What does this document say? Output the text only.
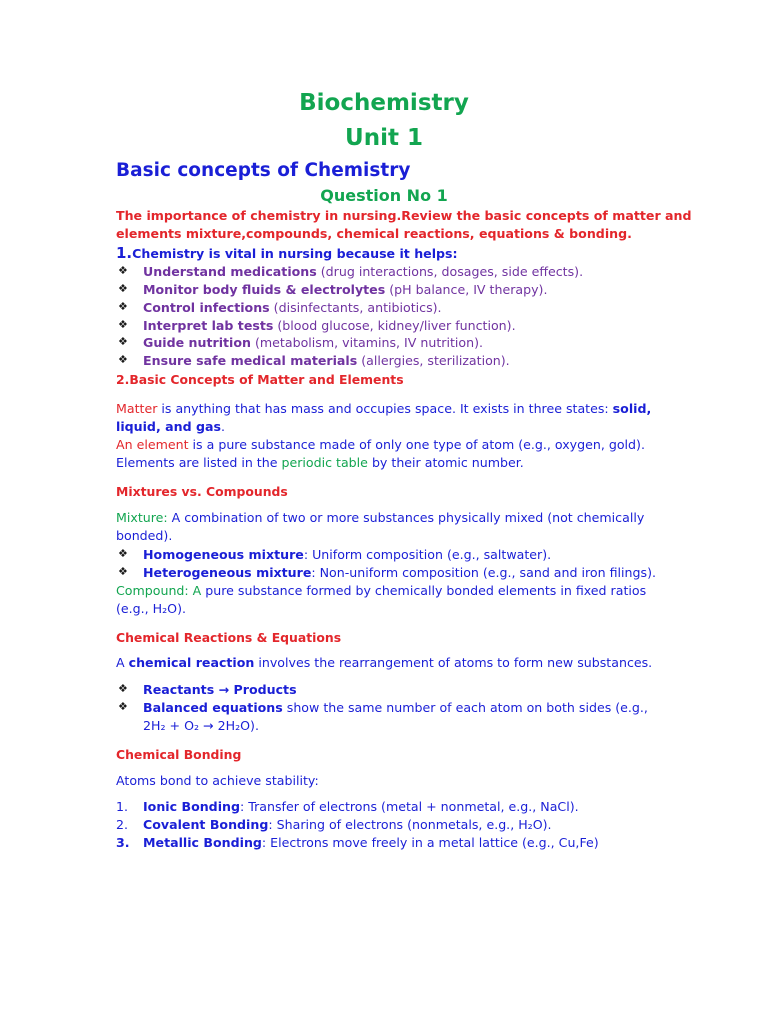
Biochemistry
Unit 1
Basic concepts of Chemistry
Question No 1
The importance of chemistry in nursing.Review the basic concepts of matter and
elements mixture,compounds, chemical reactions, equations & bonding.
1.Chemistry is vital in nursing because it helps:
❖ Understand medications (drug interactions, dosages, side effects).
❖ Monitor body fluids & electrolytes (pH balance, IV therapy).
❖ Control infections (disinfectants, antibiotics).
❖ Interpret lab tests (blood glucose, kidney/liver function).
❖ Guide nutrition (metabolism, vitamins, IV nutrition).
❖ Ensure safe medical materials (allergies, sterilization).
2.Basic Concepts of Matter and Elements
Matter is anything that has mass and occupies space. It exists in three states: solid,
liquid, and gas.
An element is a pure substance made of only one type of atom (e.g., oxygen, gold).
Elements are listed in the periodic table by their atomic number.
Mixtures vs. Compounds
Mixture: A combination of two or more substances physically mixed (not chemically
bonded).
❖ Homogeneous mixture: Uniform composition (e.g., saltwater).
❖ Heterogeneous mixture: Non-uniform composition (e.g., sand and iron filings).
Compound: A pure substance formed by chemically bonded elements in fixed ratios
(e.g., H₂O).
Chemical Reactions & Equations
A chemical reaction involves the rearrangement of atoms to form new substances.
❖ Reactants → Products
❖ Balanced equations show the same number of each atom on both sides (e.g.,
2H₂ + O₂ → 2H₂O).
Chemical Bonding
Atoms bond to achieve stability:
1. Ionic Bonding: Transfer of electrons (metal + nonmetal, e.g., NaCl).
2. Covalent Bonding: Sharing of electrons (nonmetals, e.g., H₂O).
3. Metallic Bonding: Electrons move freely in a metal lattice (e.g., Cu,Fe)
